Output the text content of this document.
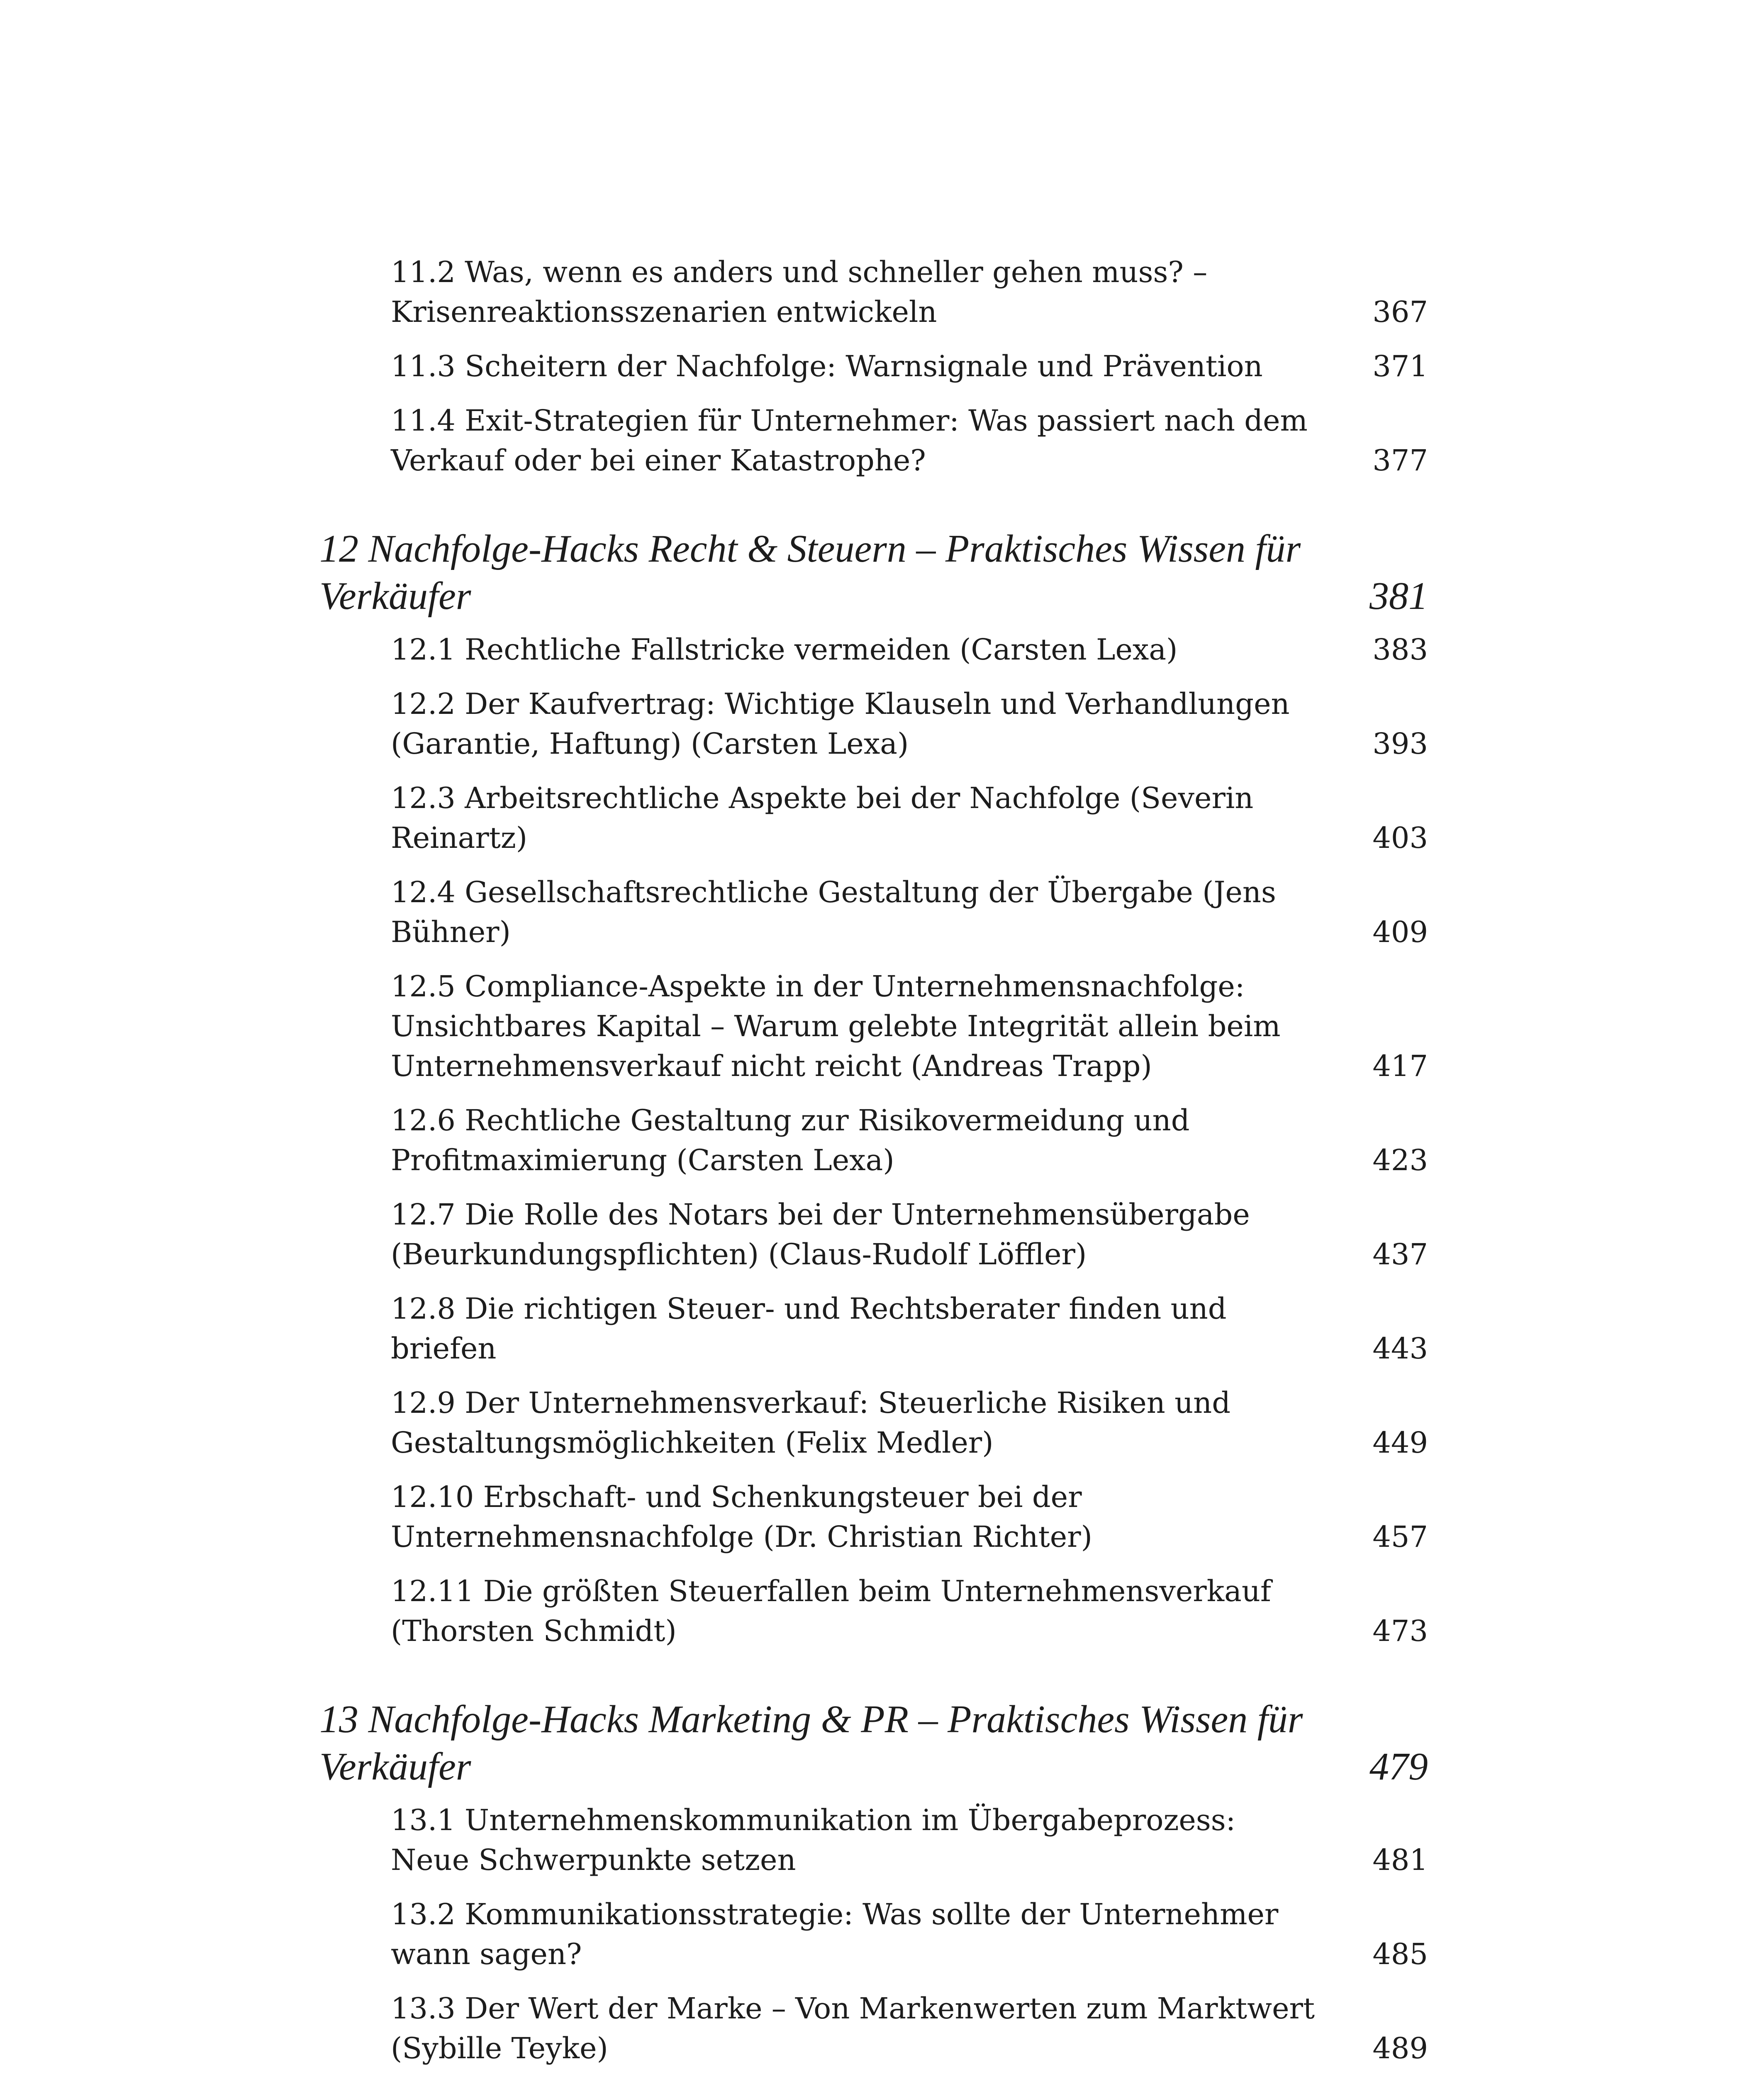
11.2 Was, wenn es anders und schneller gehen muss? – Krisenreaktionsszenarien entwickeln	367
11.3 Scheitern der Nachfolge: Warnsignale und Prävention	371
11.4 Exit-Strategien für Unternehmer: Was passiert nach dem Verkauf oder bei einer Katastrophe?	377
12 Nachfolge-Hacks Recht & Steuern – Praktisches Wissen für Verkäufer	381
12.1 Rechtliche Fallstricke vermeiden (Carsten Lexa)	383
12.2 Der Kaufvertrag: Wichtige Klauseln und Verhandlungen (Garantie, Haftung) (Carsten Lexa)	393
12.3 Arbeitsrechtliche Aspekte bei der Nachfolge (Severin Reinartz)	403
12.4 Gesellschaftsrechtliche Gestaltung der Übergabe (Jens Bühner)	409
12.5 Compliance-Aspekte in der Unternehmensnachfolge: Unsichtbares Kapital – Warum gelebte Integrität allein beim Unternehmensverkauf nicht reicht (Andreas Trapp)	417
12.6 Rechtliche Gestaltung zur Risikovermeidung und Profitmaximierung (Carsten Lexa)	423
12.7 Die Rolle des Notars bei der Unternehmensübergabe (Beurkundungspflichten) (Claus-Rudolf Löffler)	437
12.8 Die richtigen Steuer- und Rechtsberater finden und briefen	443
12.9 Der Unternehmensverkauf: Steuerliche Risiken und Gestaltungsmöglichkeiten (Felix Medler)	449
12.10 Erbschaft- und Schenkungsteuer bei der Unternehmensnachfolge (Dr. Christian Richter)	457
12.11 Die größten Steuerfallen beim Unternehmensverkauf (Thorsten Schmidt)	473
13 Nachfolge-Hacks Marketing & PR – Praktisches Wissen für Verkäufer	479
13.1 Unternehmenskommunikation im Übergabeprozess: Neue Schwerpunkte setzen	481
13.2 Kommunikationsstrategie: Was sollte der Unternehmer wann sagen?	485
13.3 Der Wert der Marke – Von Markenwerten zum Marktwert (Sybille Teyke)	489
